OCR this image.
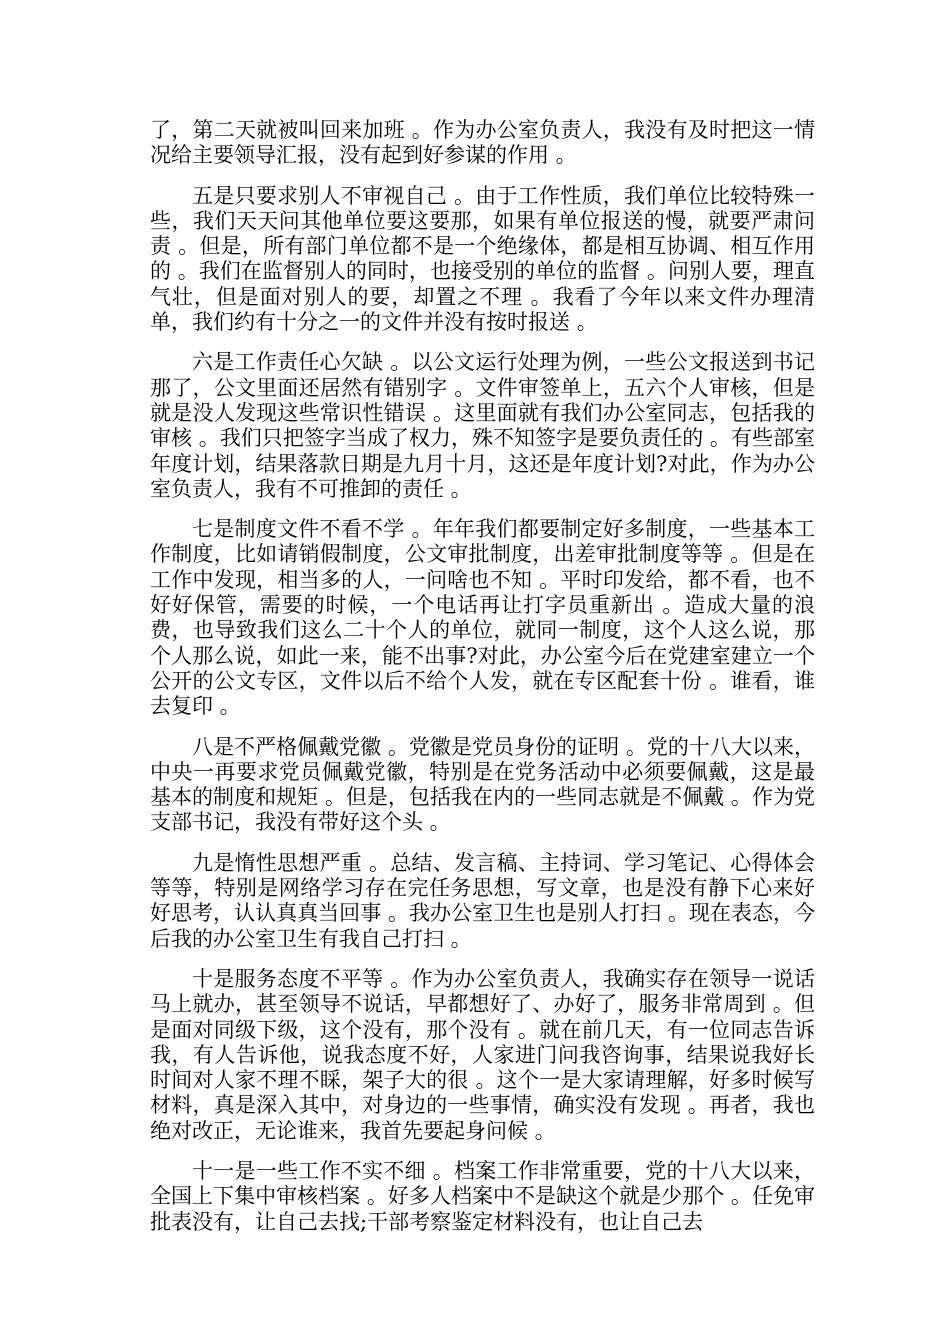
了，第二天就被叫回来加班 。作为办公室负责人，我没有及时把这一情况给主要领导汇报，没有起到好参谋的作用 。

五是只要求别人不审视自己 。由于工作性质，我们单位比较特殊一些，我们天天问其他单位要这要那，如果有单位报送的慢，就要严肃问责 。但是，所有部门单位都不是一个绝缘体，都是相互协调、相互作用的 。我们在监督别人的同时，也接受别的单位的监督 。问别人要，理直气壮，但是面对别人的要，却置之不理 。我看了今年以来文件办理清单，我们约有十分之一的文件并没有按时报送 。

六是工作责任心欠缺 。以公文运行处理为例，一些公文报送到书记那了，公文里面还居然有错别字 。文件审签单上，五六个人审核，但是就是没人发现这些常识性错误 。这里面就有我们办公室同志，包括我的审核 。我们只把签字当成了权力，殊不知签字是要负责任的 。有些部室年度计划，结果落款日期是九月十月，这还是年度计划?对此，作为办公室负责人，我有不可推卸的责任 。

七是制度文件不看不学 。年年我们都要制定好多制度，一些基本工作制度，比如请销假制度，公文审批制度，出差审批制度等等 。但是在工作中发现，相当多的人，一问啥也不知 。平时印发给，都不看，也不好好保管，需要的时候，一个电话再让打字员重新出 。造成大量的浪费，也导致我们这么二十个人的单位，就同一制度，这个人这么说，那个人那么说，如此一来，能不出事?对此，办公室今后在党建室建立一个公开的公文专区，文件以后不给个人发，就在专区配套十份 。谁看，谁去复印 。

八是不严格佩戴党徽 。党徽是党员身份的证明 。党的十八大以来，中央一再要求党员佩戴党徽，特别是在党务活动中必须要佩戴，这是最基本的制度和规矩 。但是，包括我在内的一些同志就是不佩戴 。作为党支部书记，我没有带好这个头 。

九是惰性思想严重 。总结、发言稿、主持词、学习笔记、心得体会等等，特别是网络学习存在完任务思想，写文章，也是没有静下心来好好思考，认认真真当回事 。我办公室卫生也是别人打扫 。现在表态，今后我的办公室卫生有我自己打扫 。

十是服务态度不平等 。作为办公室负责人，我确实存在领导一说话马上就办，甚至领导不说话，早都想好了、办好了，服务非常周到 。但是面对同级下级，这个没有，那个没有 。就在前几天，有一位同志告诉我，有人告诉他，说我态度不好，人家进门问我咨询事，结果说我好长时间对人家不理不睬，架子大的很 。这个一是大家请理解，好多时候写材料，真是深入其中，对身边的一些事情，确实没有发现 。再者，我也绝对改正，无论谁来，我首先要起身问候 。

十一是一些工作不实不细 。档案工作非常重要，党的十八大以来，全国上下集中审核档案 。好多人档案中不是缺这个就是少那个 。任免审批表没有，让自己去找;干部考察鉴定材料没有，也让自己去
